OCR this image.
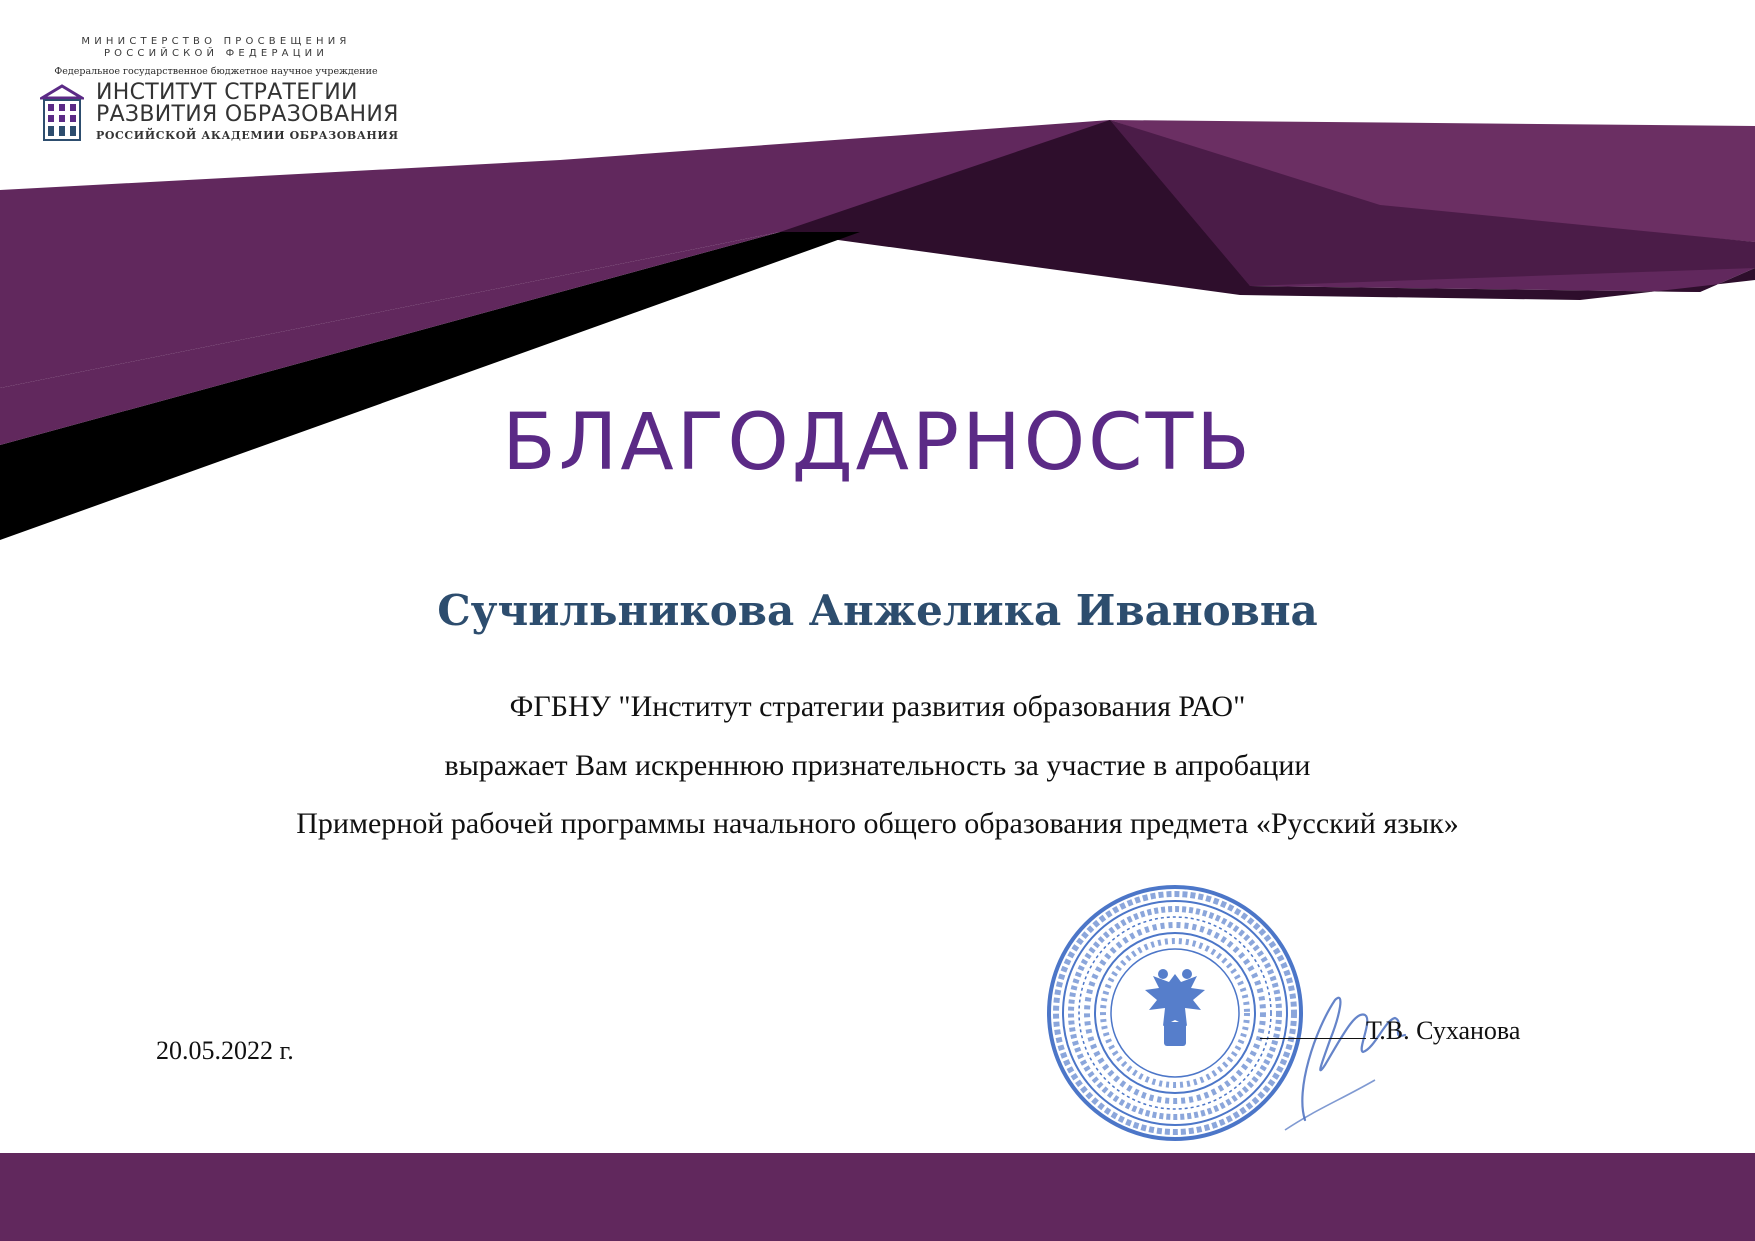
МИНИСТЕРСТВО ПРОСВЕЩЕНИЯ
РОССИЙСКОЙ ФЕДЕРАЦИИ
Федеральное государственное бюджетное научное учреждение
ИНСТИТУТ СТРАТЕГИИ
РАЗВИТИЯ ОБРАЗОВАНИЯ
РОССИЙСКОЙ АКАДЕМИИ ОБРАЗОВАНИЯ
БЛАГОДАРНОСТЬ
Сучильникова Анжелика Ивановна
ФГБНУ "Институт стратегии развития образования РАО"
выражает Вам искреннюю признательность за участие в апробации
Примерной рабочей программы начального общего образования предмета «Русский язык»
20.05.2022 г.
Т.В. Суханова
